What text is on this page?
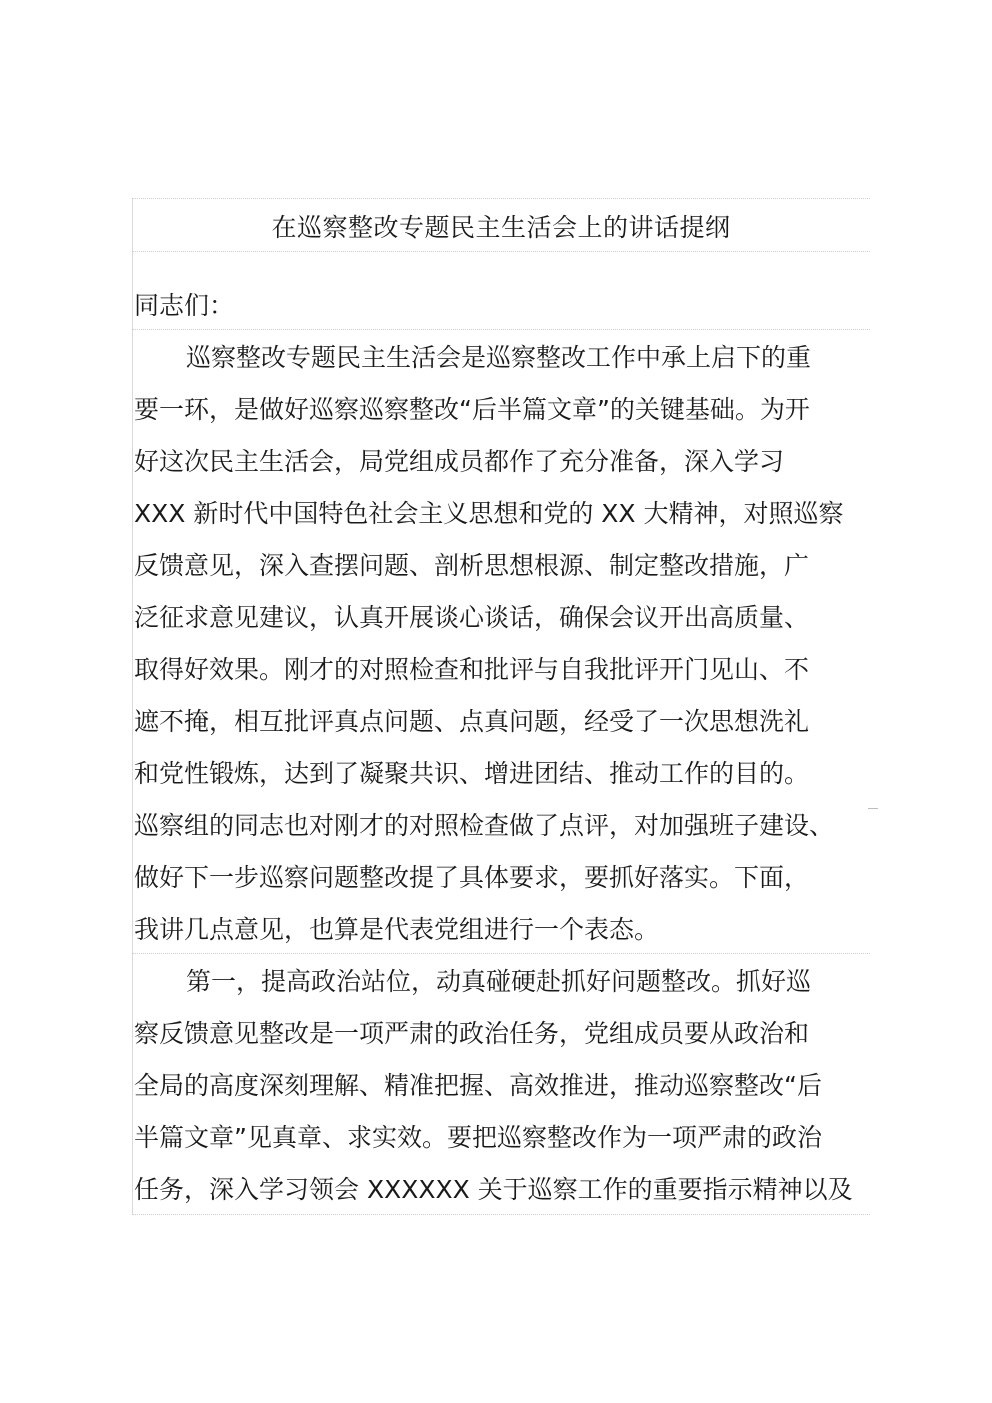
在巡察整改专题民主生活会上的讲话提纲
同志们：
巡察整改专题民主生活会是巡察整改工作中承上启下的重
要一环，是做好巡察巡察整改“后半篇文章”的关键基础。为开
好这次民主生活会，局党组成员都作了充分准备，深入学习
XXX 新时代中国特色社会主义思想和党的 XX 大精神，对照巡察
反馈意见，深入查摆问题、剖析思想根源、制定整改措施，广
泛征求意见建议，认真开展谈心谈话，确保会议开出高质量、
取得好效果。刚才的对照检查和批评与自我批评开门见山、不
遮不掩，相互批评真点问题、点真问题，经受了一次思想洗礼
和党性锻炼，达到了凝聚共识、增进团结、推动工作的目的。
巡察组的同志也对刚才的对照检查做了点评，对加强班子建设、
做好下一步巡察问题整改提了具体要求，要抓好落实。下面，
我讲几点意见，也算是代表党组进行一个表态。
第一，提高政治站位，动真碰硬赴抓好问题整改。抓好巡
察反馈意见整改是一项严肃的政治任务，党组成员要从政治和
全局的高度深刻理解、精准把握、高效推进，推动巡察整改“后
半篇文章”见真章、求实效。要把巡察整改作为一项严肃的政治
任务，深入学习领会 XXXXXX 关于巡察工作的重要指示精神以及
